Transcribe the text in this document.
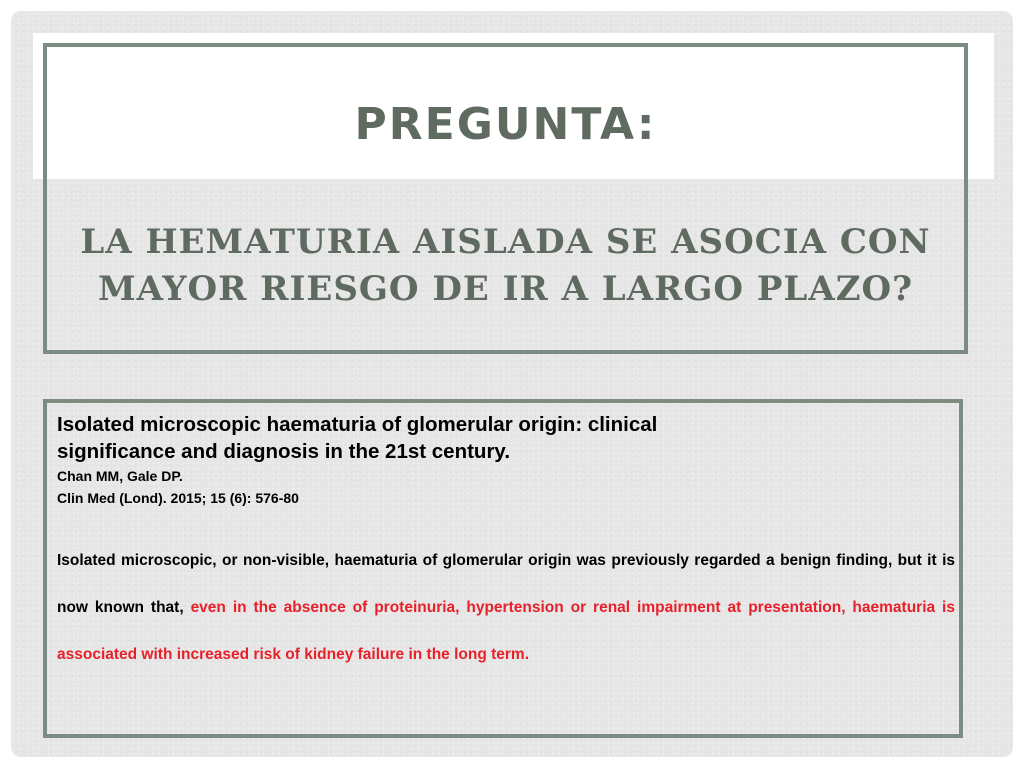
PREGUNTA:
LA HEMATURIA AISLADA SE ASOCIA CON
MAYOR RIESGO DE IR A LARGO PLAZO?

Isolated microscopic haematuria of glomerular origin: clinical
significance and diagnosis in the 21st century.

Chan MM, Gale DP.

Clin Med (Lond). 2015; 15 (6): 576-80

Isolated microscopic, or non-visible, haematuria of glomerular origin was previously regarded a benign finding, but it is now known that, even in the absence of proteinuria, hypertension or renal impairment at presentation, haematuria is associated with increased risk of kidney failure in the long term.
